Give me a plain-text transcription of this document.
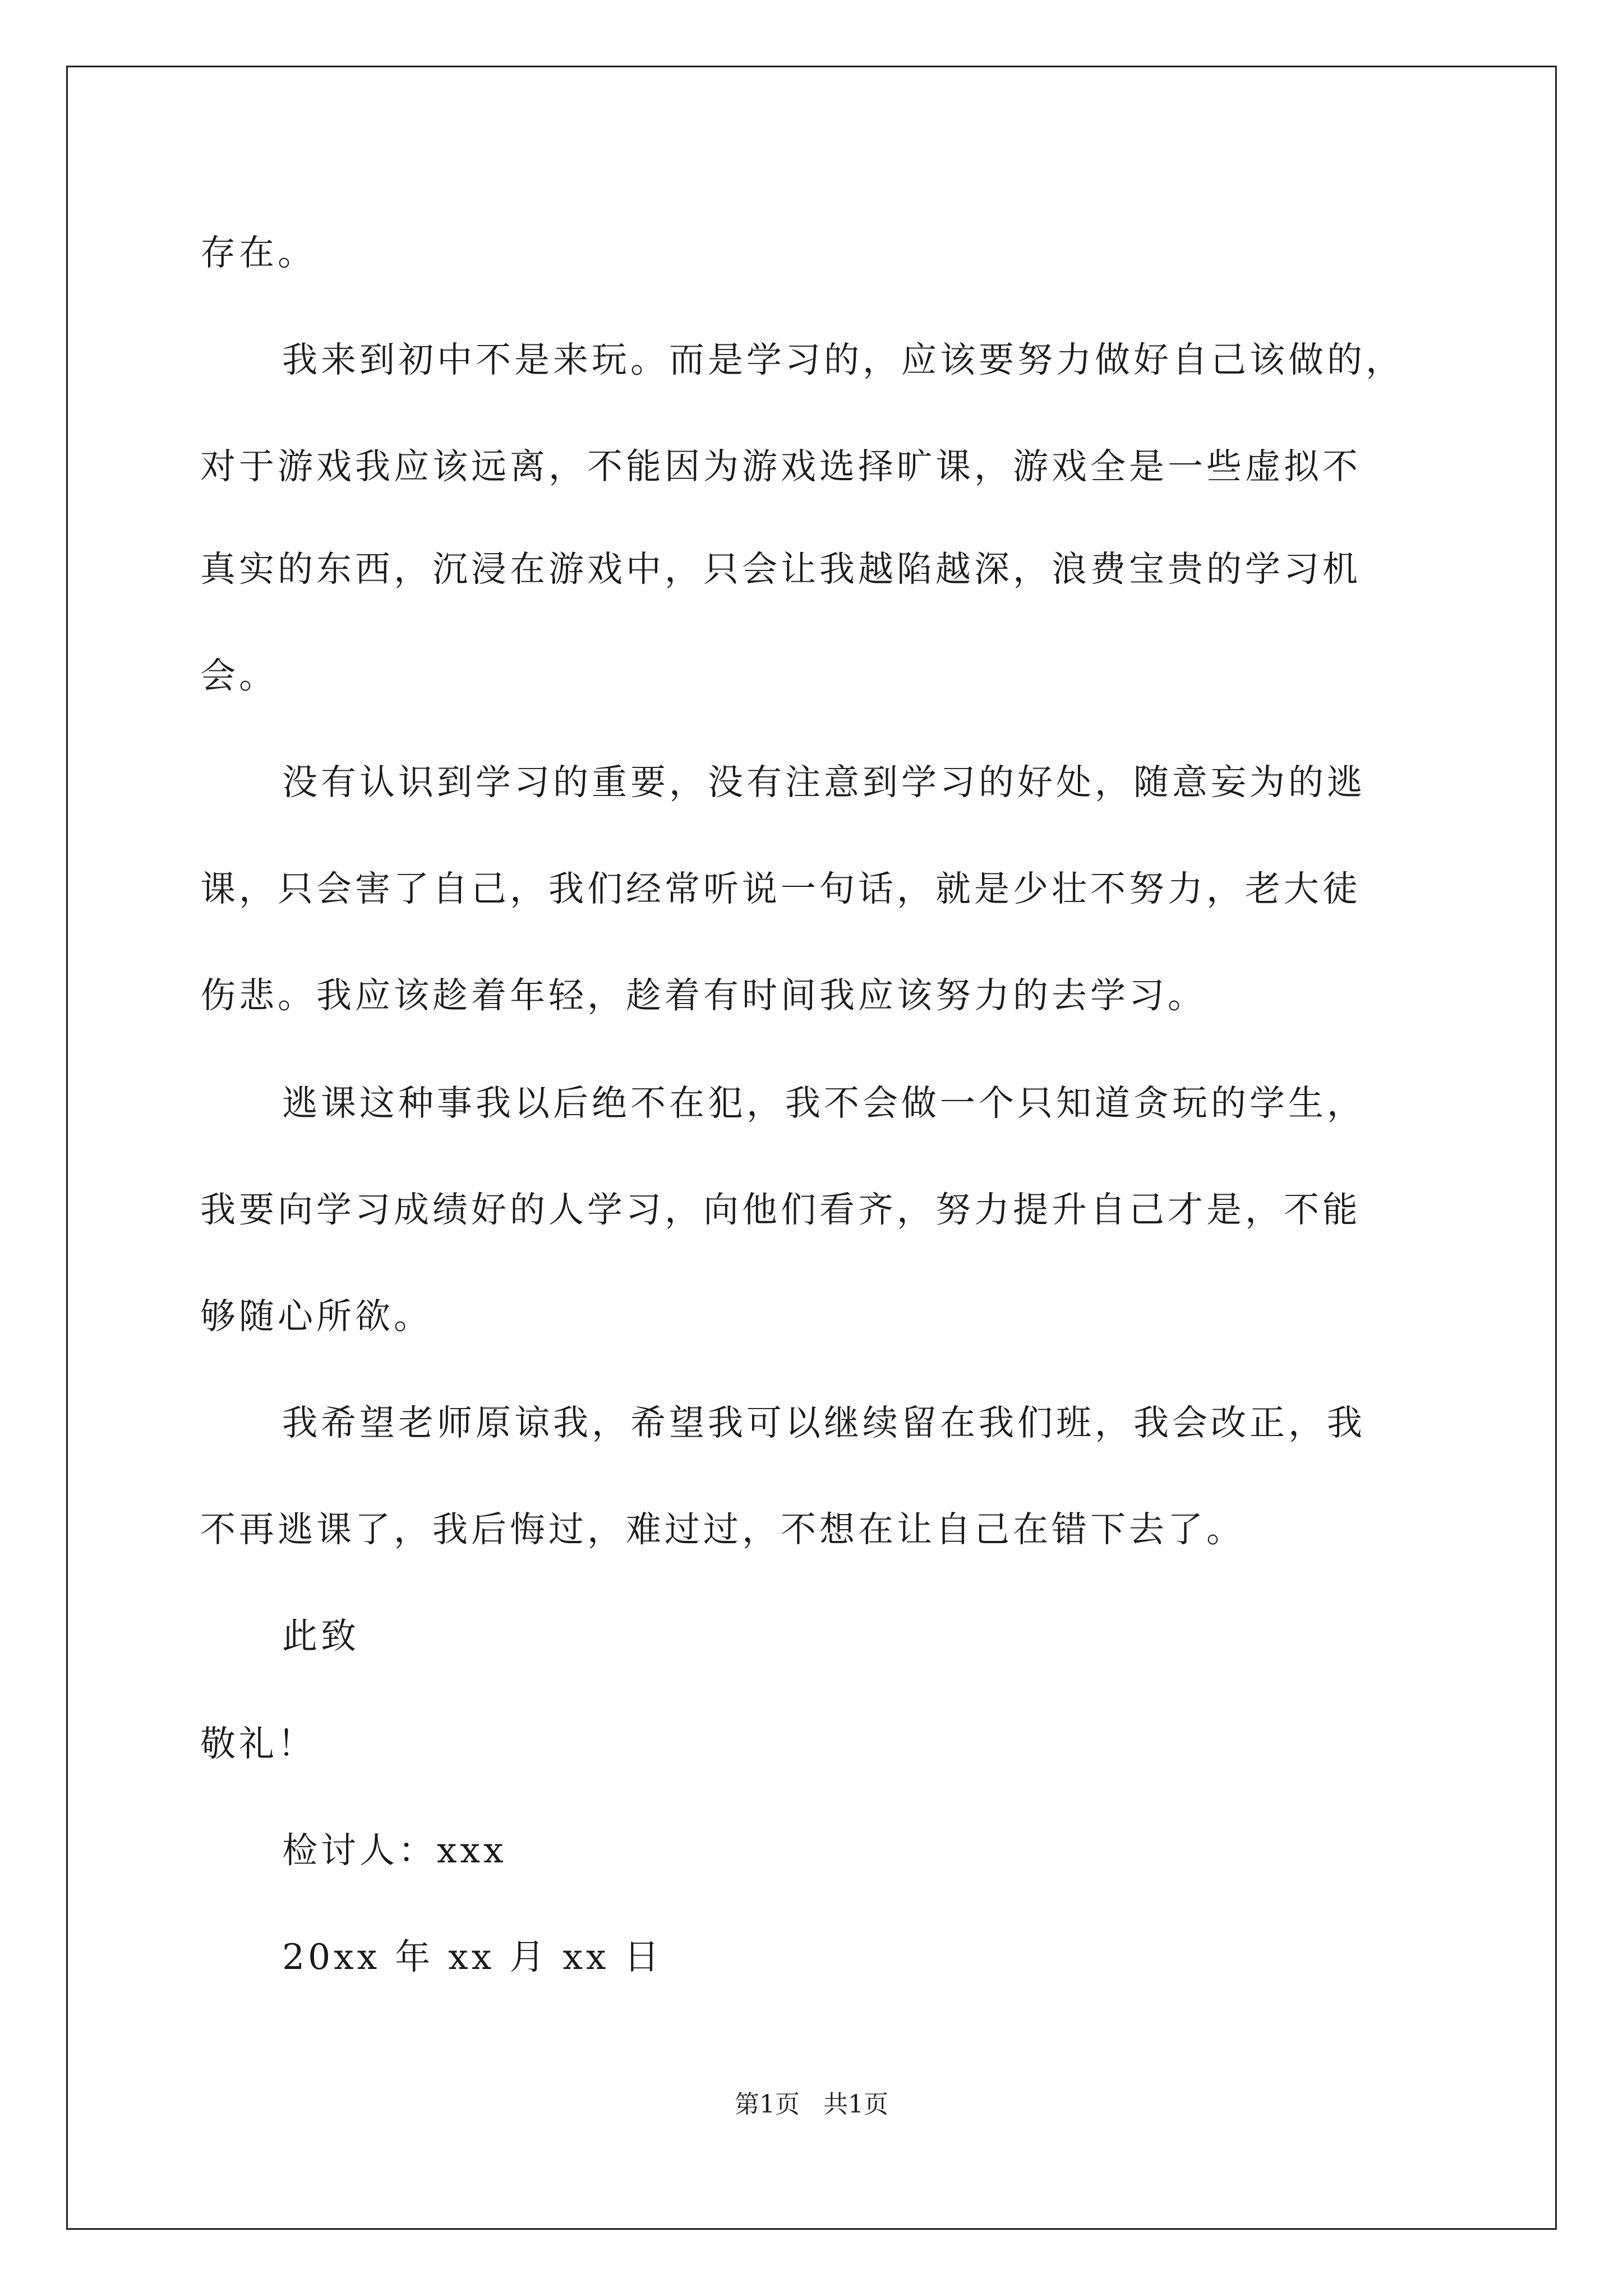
存在。
我来到初中不是来玩。而是学习的，应该要努力做好自己该做的，
对于游戏我应该远离，不能因为游戏选择旷课，游戏全是一些虚拟不
真实的东西，沉浸在游戏中，只会让我越陷越深，浪费宝贵的学习机
会。
没有认识到学习的重要，没有注意到学习的好处，随意妄为的逃
课，只会害了自己，我们经常听说一句话，就是少壮不努力，老大徒
伤悲。我应该趁着年轻，趁着有时间我应该努力的去学习。
逃课这种事我以后绝不在犯，我不会做一个只知道贪玩的学生，
我要向学习成绩好的人学习，向他们看齐，努力提升自己才是，不能
够随心所欲。
我希望老师原谅我，希望我可以继续留在我们班，我会改正，我
不再逃课了，我后悔过，难过过，不想在让自己在错下去了。
此致
敬礼！
检讨人：xxx
20xx 年 xx 月 xx 日
第1页   共1页
